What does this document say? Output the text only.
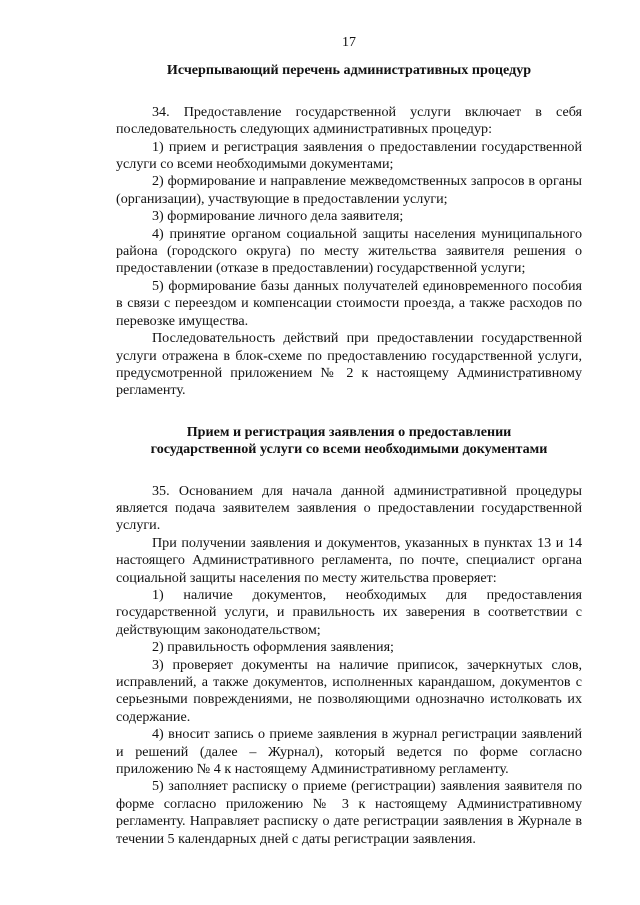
17
Исчерпывающий перечень административных процедур

34. Предоставление государственной услуги включает в себя последовательность следующих административных процедур:

1) прием и регистрация заявления о предоставлении государственной услуги со всеми необходимыми документами;

2) формирование и направление межведомственных запросов в органы (организации), участвующие в предоставлении услуги;

3) формирование личного дела заявителя;

4) принятие органом социальной защиты населения муниципального района (городского округа) по месту жительства заявителя решения о предоставлении (отказе в предоставлении) государственной услуги;

5) формирование базы данных получателей единовременного пособия в связи с переездом и компенсации стоимости проезда, а также расходов по перевозке имущества.

Последовательность действий при предоставлении государственной услуги отражена в блок-схеме по предоставлению государственной услуги, предусмотренной приложением № 2 к настоящему Административному регламенту.

Прием и регистрация заявления о предоставлении
государственной услуги со всеми необходимыми документами

35. Основанием для начала данной административной процедуры является подача заявителем заявления о предоставлении государственной услуги.

При получении заявления и документов, указанных в пунктах 13 и 14 настоящего Административного регламента, по почте, специалист органа социальной защиты населения по месту жительства проверяет:

1) наличие документов, необходимых для предоставления государственной услуги, и правильность их заверения в соответствии с действующим законодательством;

2) правильность оформления заявления;

3) проверяет документы на наличие приписок, зачеркнутых слов, исправлений, а также документов, исполненных карандашом, документов с серьезными повреждениями, не позволяющими однозначно истолковать их содержание.

4) вносит запись о приеме заявления в журнал регистрации заявлений и решений (далее – Журнал), который ведется по форме согласно приложению № 4 к настоящему Административному регламенту.

5) заполняет расписку о приеме (регистрации) заявления заявителя по форме согласно приложению № 3 к настоящему Административному регламенту. Направляет расписку о дате регистрации заявления в Журнале в течении 5 календарных дней с даты регистрации заявления.
